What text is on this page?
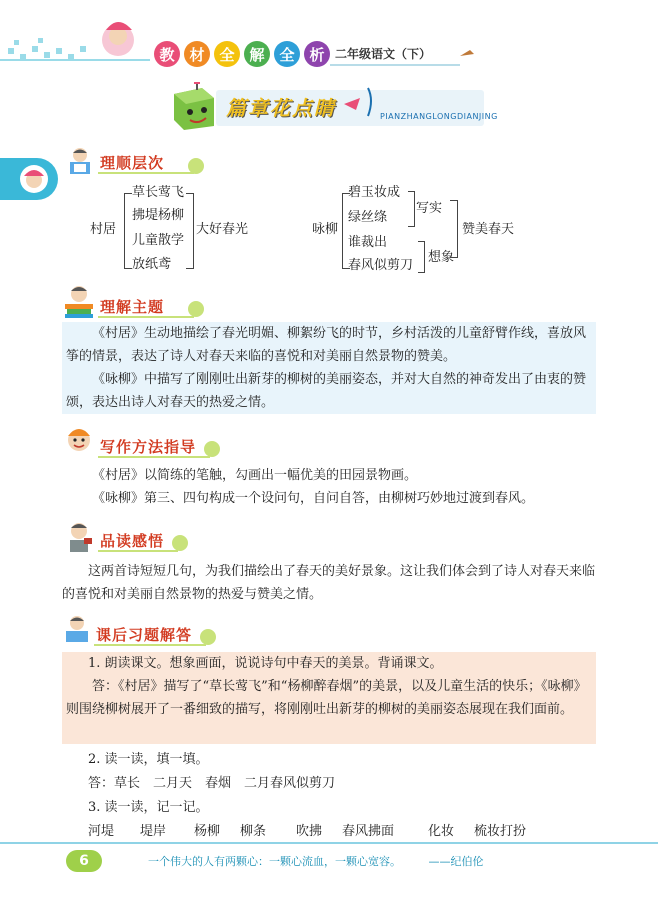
教 材 全 解 全 析 二年级语文（下）
篇章花点睛	PIANZHANGLONGDIANJING
理顺层次
村居
草长莺飞
拂堤杨柳
儿童散学
放纸鸢
大好春光	咏柳
碧玉妆成
绿丝绦
写实
谁裁出
春风似剪刀
想象
赞美春天
理解主题
《村居》生动地描绘了春光明媚、柳絮纷飞的时节，乡村活泼的儿童舒臂作线，喜放风筝的情景，表达了诗人对春天来临的喜悦和对美丽自然景物的赞美。
《咏柳》中描写了刚刚吐出新芽的柳树的美丽姿态，并对大自然的神奇发出了由衷的赞颂，表达出诗人对春天的热爱之情。
写作方法指导
《村居》以简练的笔触，勾画出一幅优美的田园景物画。
《咏柳》第三、四句构成一个设问句，自问自答，由柳树巧妙地过渡到春风。
品读感悟
这两首诗短短几句，为我们描绘出了春天的美好景象。这让我们体会到了诗人对春天来临的喜悦和对美丽自然景物的热爱与赞美之情。
课后习题解答
1. 朗读课文。想象画面，说说诗句中春天的美景。背诵课文。
答：《村居》描写了“草长莺飞”和“杨柳醉春烟”的美景，以及儿童生活的快乐；《咏柳》则围绕柳树展开了一番细致的描写，将刚刚吐出新芽的柳树的美丽姿态展现在我们面前。
2. 读一读，填一填。
答：草长　二月天　春烟　二月春风似剪刀
3. 读一读，记一记。
河堤 堤岸 杨柳 柳条 吹拂 春风拂面	化妆 梳妆打扮
6	一个伟大的人有两颗心：一颗心流血，一颗心宽容。　　　——纪伯伦
